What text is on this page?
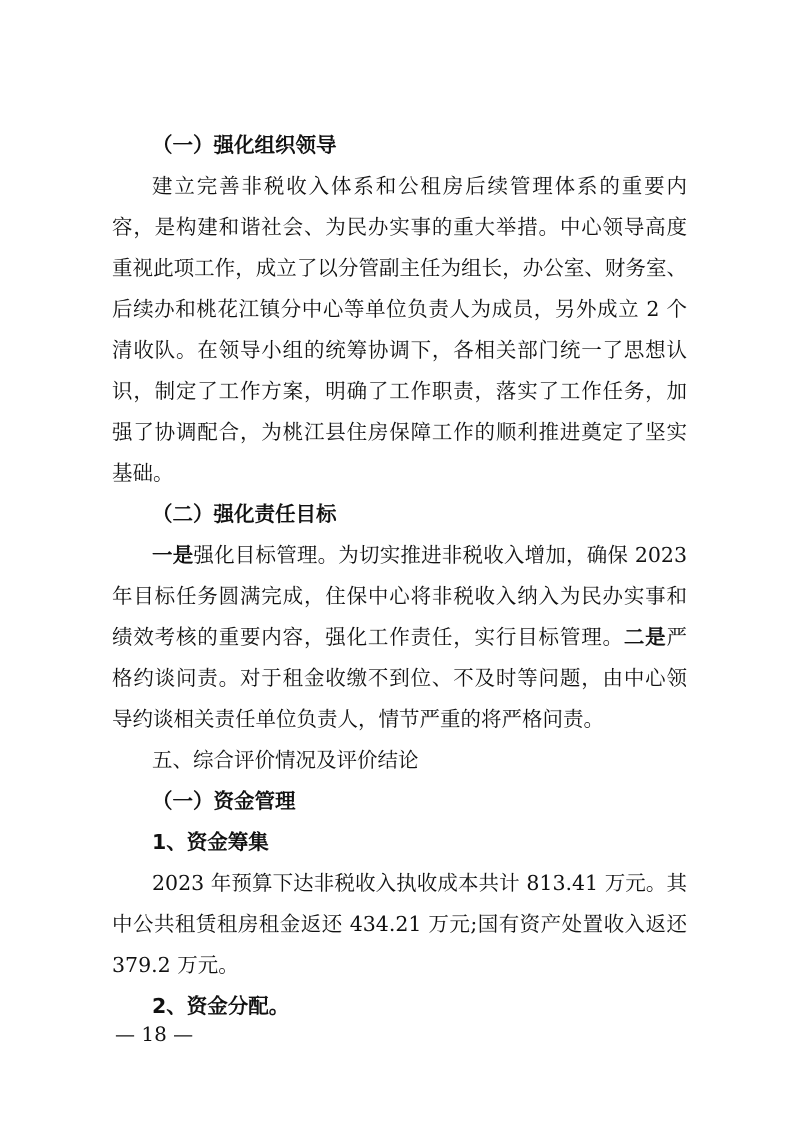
（一）强化组织领导
建立完善非税收入体系和公租房后续管理体系的重要内
容，是构建和谐社会、为民办实事的重大举措。中心领导高度
重视此项工作，成立了以分管副主任为组长，办公室、财务室、
后续办和桃花江镇分中心等单位负责人为成员，另外成立 2 个
清收队。在领导小组的统筹协调下，各相关部门统一了思想认
识，制定了工作方案，明确了工作职责，落实了工作任务，加
强了协调配合，为桃江县住房保障工作的顺利推进奠定了坚实
基础。
（二）强化责任目标
一是强化目标管理。为切实推进非税收入增加，确保 2023
年目标任务圆满完成，住保中心将非税收入纳入为民办实事和
绩效考核的重要内容，强化工作责任，实行目标管理。二是严
格约谈问责。对于租金收缴不到位、不及时等问题，由中心领
导约谈相关责任单位负责人，情节严重的将严格问责。
五、综合评价情况及评价结论
（一）资金管理
1、资金筹集
2023 年预算下达非税收入执收成本共计 813.41 万元。其
中公共租赁租房租金返还 434.21 万元;国有资产处置收入返还
379.2 万元。
2、资金分配。
— 18 —
